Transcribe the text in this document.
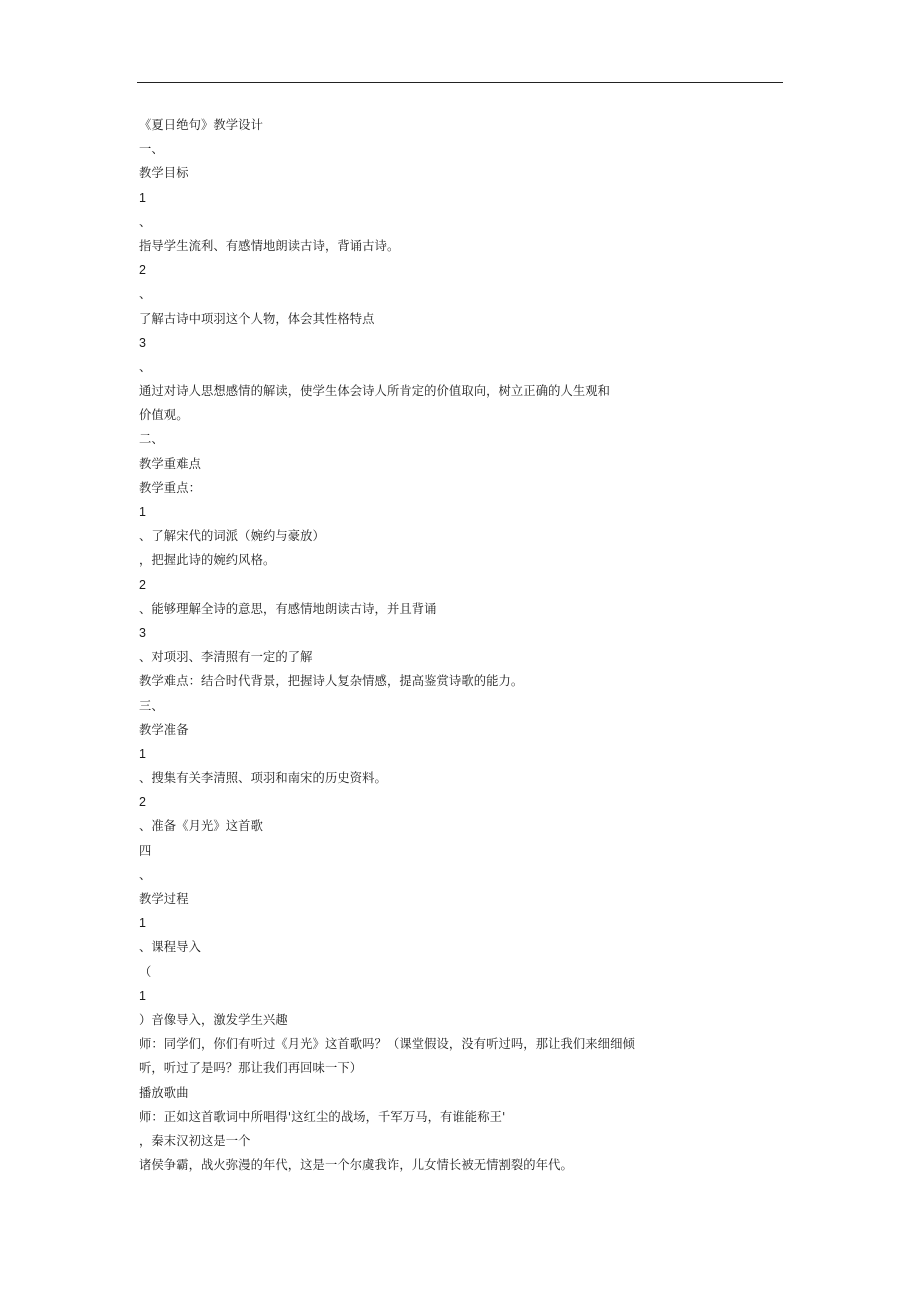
《夏日绝句》教学设计
一、
教学目标
1
、
指导学生流利、有感情地朗读古诗，背诵古诗。
2
、
了解古诗中项羽这个人物，体会其性格特点
3
、
通过对诗人思想感情的解读，使学生体会诗人所肯定的价值取向，树立正确的人生观和
价值观。
二、
教学重难点
教学重点：
1
、了解宋代的词派（婉约与豪放）
，把握此诗的婉约风格。
2
、能够理解全诗的意思，有感情地朗读古诗，并且背诵
3
、对项羽、李清照有一定的了解
教学难点：结合时代背景，把握诗人复杂情感，提高鉴赏诗歌的能力。
三、
教学准备
1
、搜集有关李清照、项羽和南宋的历史资料。
2
、准备《月光》这首歌
四
、
教学过程
1
、课程导入
（
1
）音像导入，激发学生兴趣
师：同学们，你们有听过《月光》这首歌吗？（课堂假设，没有听过吗，那让我们来细细倾
听，听过了是吗？那让我们再回味一下）
播放歌曲
师：正如这首歌词中所唱得'这红尘的战场，千军万马，有谁能称王'
，秦末汉初这是一个
诸侯争霸，战火弥漫的年代，这是一个尔虞我诈，儿女情长被无情割裂的年代。
